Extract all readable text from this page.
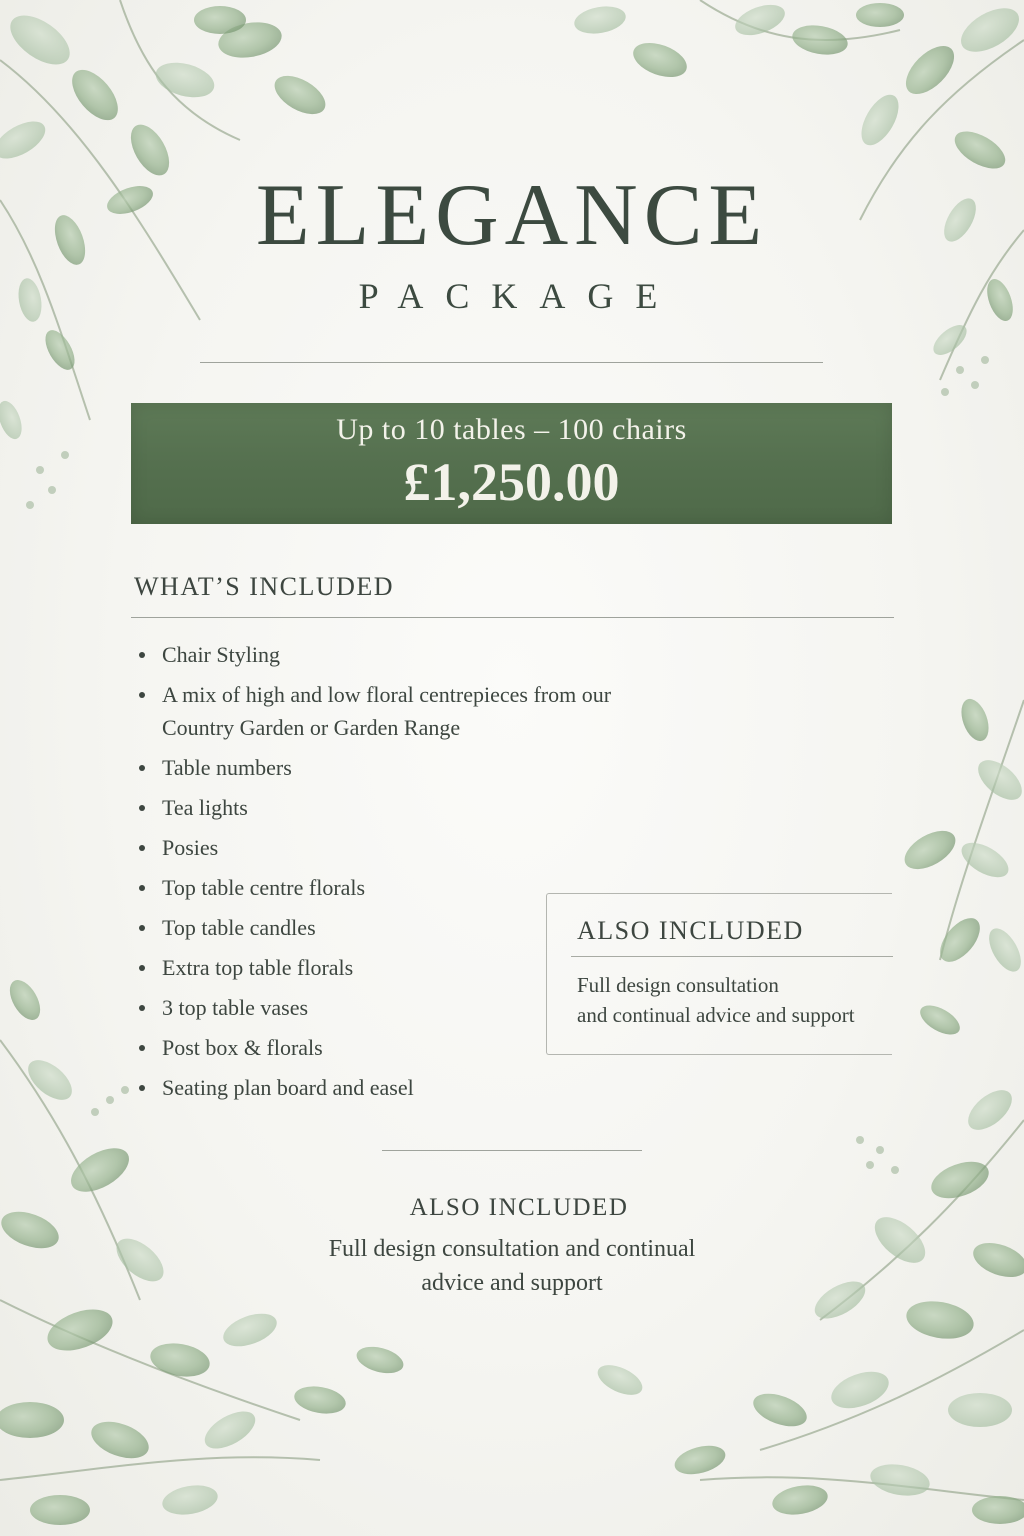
ELEGANCE
PACKAGE
Up to 10 tables – 100 chairs
£1,250.00
WHAT’S INCLUDED
Chair Styling
A mix of high and low floral centrepieces from our
Country Garden or Garden Range
Table numbers
Tea lights
Posies
Top table centre florals
Top table candles
Extra top table florals
3 top table vases
Post box & florals
Seating plan board and easel
ALSO INCLUDED
Full design consultation
and continual advice and support
ALSO INCLUDED
Full design consultation and continual
advice and support
